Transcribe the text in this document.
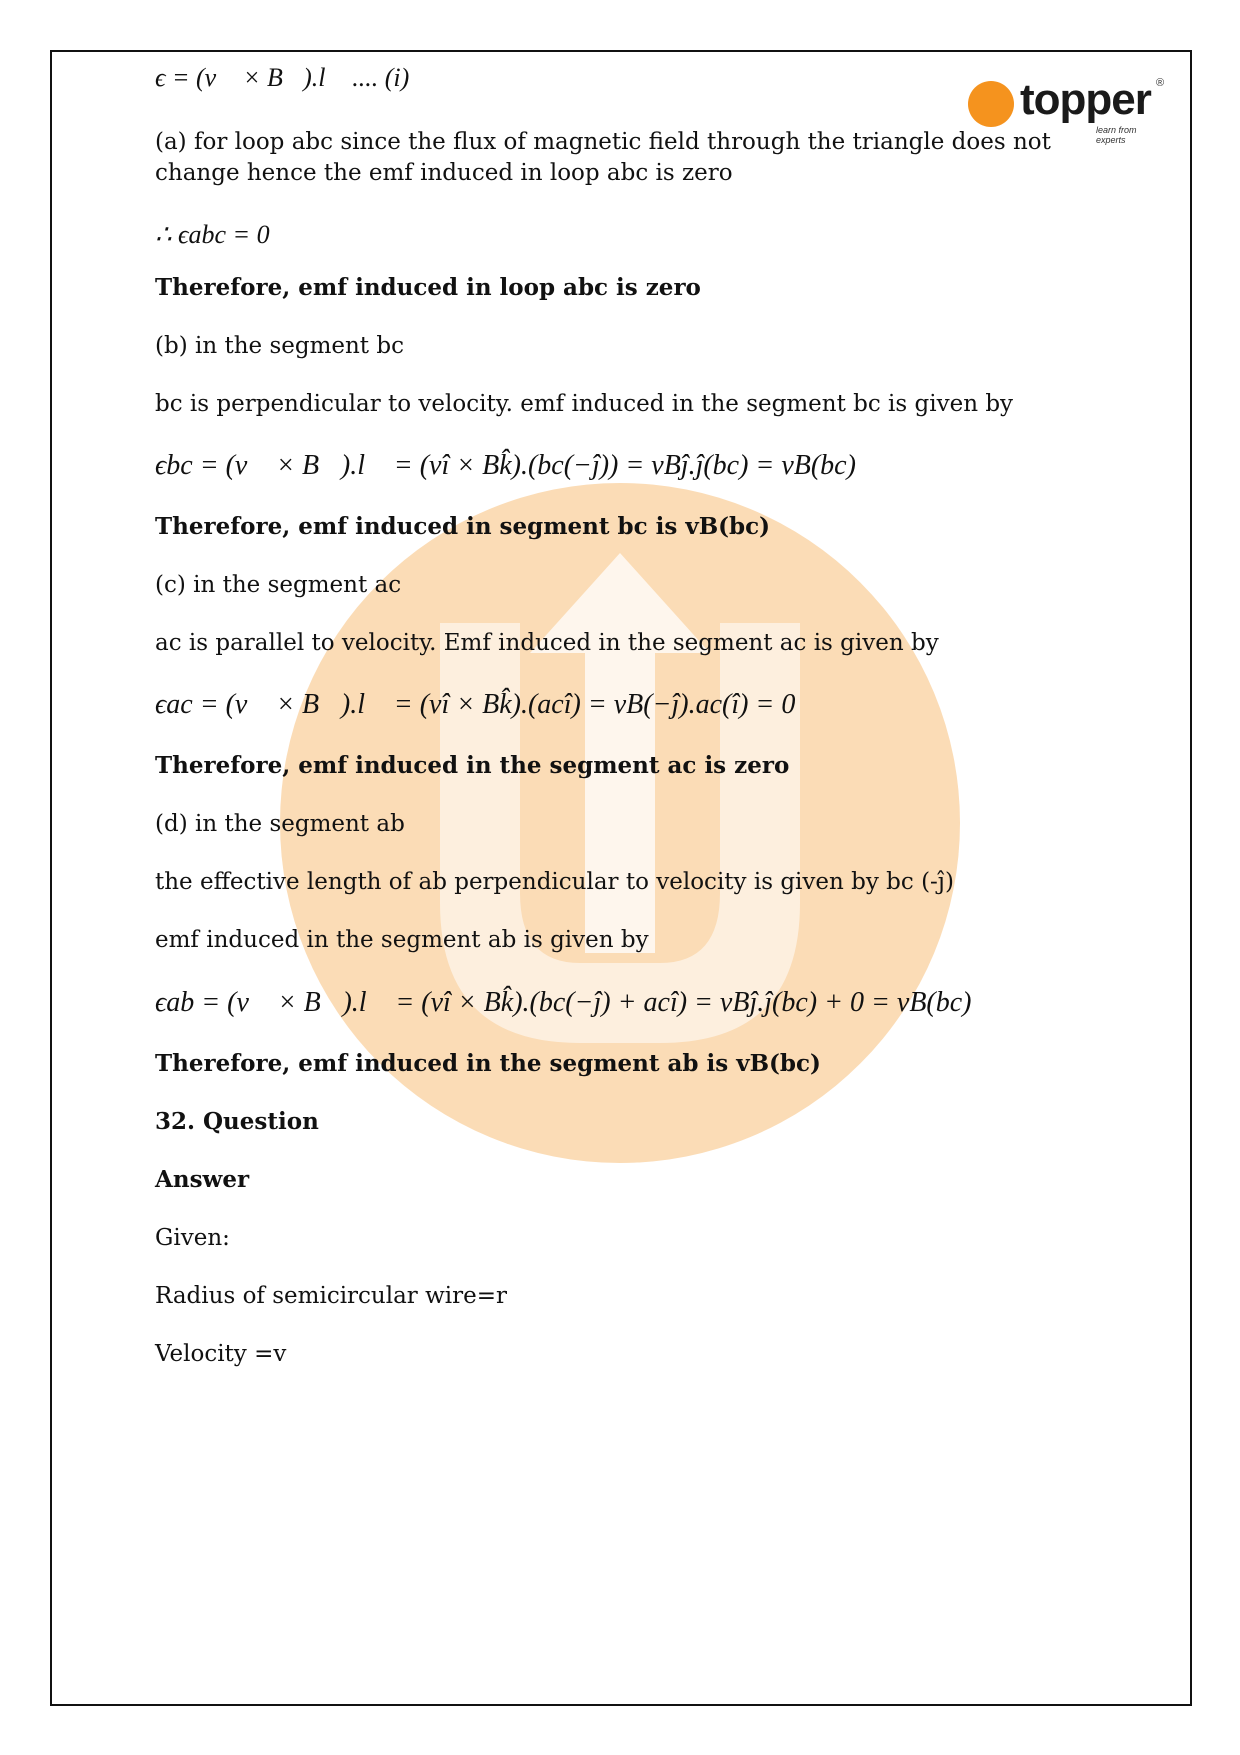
topper ®
learn from experts
ϵ = (v⃗ × B⃗).l⃗ .... (i)
(a) for loop abc since the flux of magnetic field through the triangle does not
change hence the emf induced in loop abc is zero
∴ ϵabc = 0
Therefore, emf induced in loop abc is zero
(b) in the segment bc
bc is perpendicular to velocity. emf induced in the segment bc is given by
ϵbc = (v⃗ × B⃗).l⃗ = (vî × Bk̂).(bc(−ĵ)) = vBĵ.ĵ(bc) = vB(bc)
Therefore, emf induced in segment bc is vB(bc)
(c) in the segment ac
ac is parallel to velocity. Emf induced in the segment ac is given by
ϵac = (v⃗ × B⃗).l⃗ = (vî × Bk̂).(acî) = vB(−ĵ).ac(î) = 0
Therefore, emf induced in the segment ac is zero
(d) in the segment ab
the effective length of ab perpendicular to velocity is given by bc (-ĵ)
emf induced in the segment ab is given by
ϵab = (v⃗ × B⃗).l⃗ = (vî × Bk̂).(bc(−ĵ) + acî) = vBĵ.ĵ(bc) + 0 = vB(bc)
Therefore, emf induced in the segment ab is vB(bc)
32. Question
Answer
Given:
Radius of semicircular wire=r
Velocity =v
